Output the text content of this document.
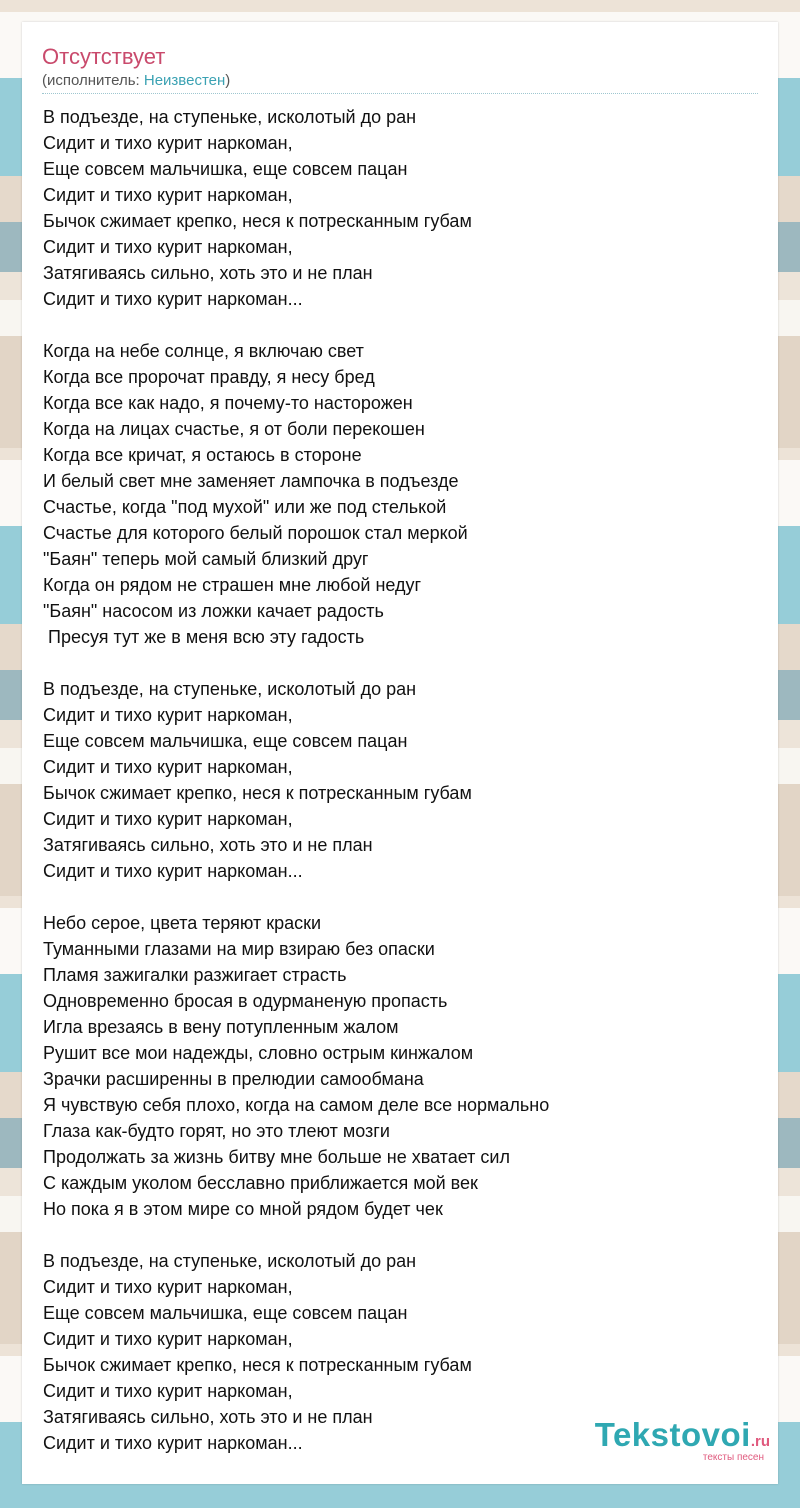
Отсутствует
(исполнитель: Неизвестен)
В подъезде, на ступеньке, исколотый до ран
Сидит и тихо курит наркоман,
Еще совсем мальчишка, еще совсем пацан
Сидит и тихо курит наркоман,
Бычок сжимает крепко, неся к потресканным губам
Сидит и тихо курит наркоман,
Затягиваясь сильно, хоть это и не план
Сидит и тихо курит наркоман...
Когда на небе солнце, я включаю свет
Когда все пророчат правду, я несу бред
Когда все как надо, я почему-то насторожен
Когда на лицах счастье, я от боли перекошен
Когда все кричат, я остаюсь в стороне
И белый свет мне заменяет лампочка в подъезде
Счастье, когда "под мухой" или же под стелькой
Счастье для которого белый порошок стал меркой
"Баян" теперь мой самый близкий друг
Когда он рядом не страшен мне любой недуг
"Баян" насосом из ложки качает радость
Пресуя тут же в меня всю эту гадость
В подъезде, на ступеньке, исколотый до ран
Сидит и тихо курит наркоман,
Еще совсем мальчишка, еще совсем пацан
Сидит и тихо курит наркоман,
Бычок сжимает крепко, неся к потресканным губам
Сидит и тихо курит наркоман,
Затягиваясь сильно, хоть это и не план
Сидит и тихо курит наркоман...
Небо серое, цвета теряют краски
Туманными глазами на мир взираю без опаски
Пламя зажигалки разжигает страсть
Одновременно бросая в одурманеную пропасть
Игла врезаясь в вену потупленным жалом
Рушит все мои надежды, словно острым кинжалом
Зрачки расширенны в прелюдии самообмана
Я чувствую себя плохо, когда на самом деле все нормально
Глаза как-будто горят, но это тлеют мозги
Продолжать за жизнь битву мне больше не хватает сил
С каждым уколом бесславно приближается мой век
Но пока я в этом мире со мной рядом будет чек
В подъезде, на ступеньке, исколотый до ран
Сидит и тихо курит наркоман,
Еще совсем мальчишка, еще совсем пацан
Сидит и тихо курит наркоман,
Бычок сжимает крепко, неся к потресканным губам
Сидит и тихо курит наркоман,
Затягиваясь сильно, хоть это и не план
Сидит и тихо курит наркоман...	Tekstovoi.ru
тексты песен
